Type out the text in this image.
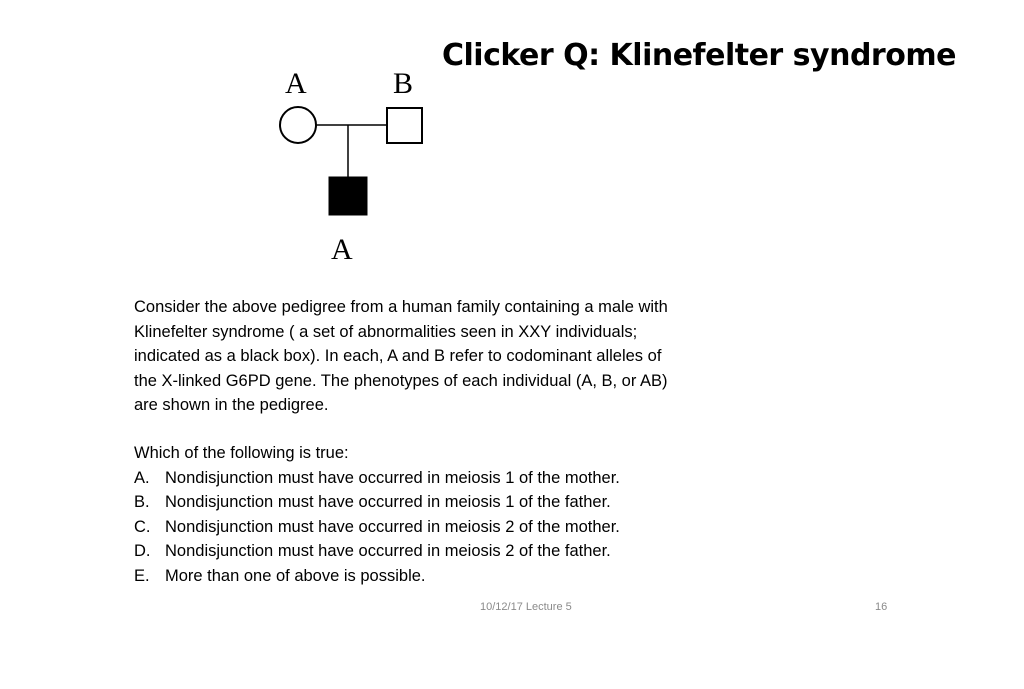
Clicker Q: Klinefelter syndrome
A	B
A

Consider the above pedigree from a human family containing a male with

Klinefelter syndrome ( a set of abnormalities seen in XXY individuals;

indicated as a black box). In each, A and B refer to codominant alleles of

the X-linked G6PD gene. The phenotypes of each individual (A, B, or AB)

are shown in the pedigree.

Which of the following is true:

A. Nondisjunction must have occurred in meiosis 1 of the mother.
B. Nondisjunction must have occurred in meiosis 1 of the father.
C. Nondisjunction must have occurred in meiosis 2 of the mother.
D. Nondisjunction must have occurred in meiosis 2 of the father.
E. More than one of above is possible.
10/12/17 Lecture 5	16
